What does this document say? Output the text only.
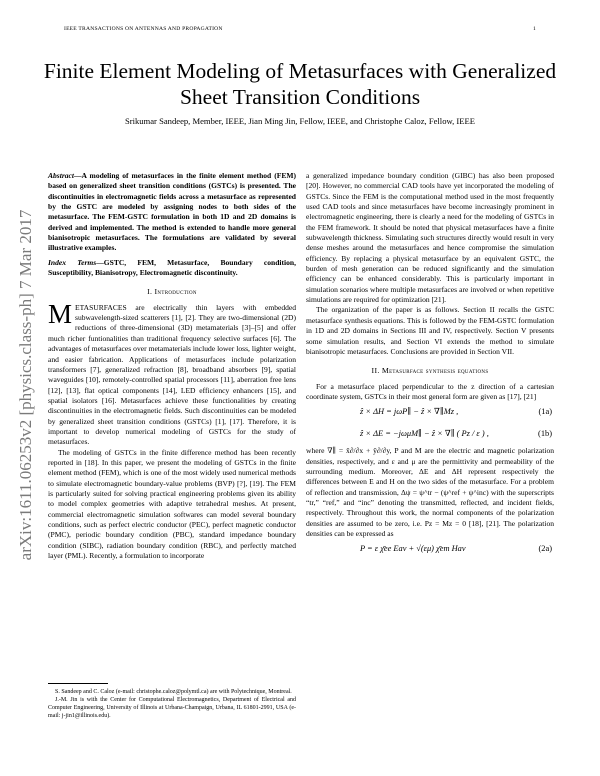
IEEE TRANSACTIONS ON ANTENNAS AND PROPAGATION	1
Finite Element Modeling of Metasurfaces with Generalized Sheet Transition Conditions
Srikumar Sandeep, Member, IEEE, Jian Ming Jin, Fellow, IEEE, and Christophe Caloz, Fellow, IEEE
arXiv:1611.06253v2 [physics.class-ph] 7 Mar 2017

Abstract—A modeling of metasurfaces in the finite element method (FEM) based on generalized sheet transition conditions (GSTCs) is presented. The discontinuities in electromagnetic fields across a metasurface as represented by the GSTC are modeled by assigning nodes to both sides of the metasurface. The FEM-GSTC formulation in both 1D and 2D domains is derived and implemented. The method is extended to handle more general bianisotropic metasurfaces. The formulations are validated by several illustrative examples.

Index Terms—GSTC, FEM, Metasurface, Boundary condition, Susceptibility, Bianisotropy, Electromagnetic discontinuity.

I. Introduction

METASURFACES are electrically thin layers with embedded subwavelength-sized scatterers [1], [2]. They are two-dimensional (2D) reductions of three-dimensional (3D) metamaterials [3]–[5] and offer much richer funtionalities than traditional frequency selective surfaces [6]. The advantages of metasurfaces over metamaterials include lower loss, lighter weight, and easier fabrication. Applications of metasurfaces include polarization transformers [7], generalized refraction [8], broadband absorbers [9], spatial waveguides [10], remotely-controlled spatial processors [11], aberration free lens [12], [13], flat optical components [14], LED efficiency enhancers [15], and spatial isolators [16]. Metasurfaces achieve these functionalities by creating discontinuities in the electromagnetic fields. Such discontinuities can be modeled by generalized sheet transition conditions (GSTCs) [1], [17]. Therefore, it is important to develop numerical modeling of GSTCs for the study of metasurfaces.

The modeling of GSTCs in the finite difference method has been recently reported in [18]. In this paper, we present the modeling of GSTCs in the finite element method (FEM), which is one of the most widely used numerical methods to simulate electromagnetic boundary-value problems (BVP) [?], [19]. The FEM is particularly suited for solving practical engineering problems given its ability to model complex geometries with adaptive tetrahedral meshes. At present, commercial electromagnetic simulation softwares can model several boundary conditions, such as perfect electric conductor (PEC), perfect magnetic conductor (PMC), periodic boundary condition (PBC), standard impedance boundary condition (SIBC), radiation boundary condition (RBC), and perfectly matched layer (PML). Recently, a formulation to incorporate

a generalized impedance boundary condition (GIBC) has also been proposed [20]. However, no commercial CAD tools have yet incorporated the modeling of GSTCs. Since the FEM is the computational method used in the most frequently used CAD tools and since metasurfaces have become increasingly prominent in electromagnetic engineering, there is clearly a need for the modeling of GSTCs in the FEM framework. It should be noted that physical metasurfaces have a finite subwavelength thickness. Simulating such structures directly would result in very dense meshes around the metasurfaces and hence compromise the simulation efficiency. By replacing a physical metasurface by an equivalent GSTC, the burden of mesh generation can be reduced significantly and the simulation efficiency can be enhanced considerably. This is particularly important in simulation scenarios where multiple metasurfaces are involved or when repetitive simulations are required for optimization [21].

The organization of the paper is as follows. Section II recalls the GSTC metasurface synthesis equations. This is followed by the FEM-GSTC formulation in 1D and 2D domains in Sections III and IV, respectively. Section V presents some simulation results, and Section VI extends the method to simulate bianisotropic metasurfaces. Conclusions are provided in Section VII.

II. Metasurface synthesis equations

For a metasurface placed perpendicular to the z direction of a cartesian coordinate system, GSTCs in their most general form are given as [17], [21]

ẑ × ΔH = jωP∥ − ẑ × ∇∥Mz ,	(1a)
ẑ × ΔE = −jωμM∥ − ẑ × ∇∥ ( Pz / ε ) ,	(1b)

where ∇∥ = x̂∂/∂x + ŷ∂/∂y, P and M are the electric and magnetic polarization densities, respectively, and ε and μ are the permittivity and permeability of the surrounding medium. Moreover, ΔE and ΔH represent respectively the differences between E and H on the two sides of the metasurface. For a problem of reflection and transmission, Δψ = ψ^tr − (ψ^ref + ψ^inc) with the superscripts “tr,” “ref,” and “inc” denoting the transmitted, reflected, and incident fields, respectively. Throughout this work, the normal components of the polarization densities are assumed to be zero, i.e. Pz = Mz = 0 [18], [21]. The polarization densities can be expressed as

P = ε χ̄ee Eav + √(εμ) χ̄em Hav	(2a)

S. Sandeep and C. Caloz (e-mail: christophe.caloz@polymtl.ca) are with Polytechnique, Montreal.

J.-M. Jin is with the Center for Computational Electromagnetics, Department of Electrical and Computer Engineering, University of Illinois at Urbana-Champaign, Urbana, IL 61801-2991, USA (e-mail: j-jin1@illinois.edu).
